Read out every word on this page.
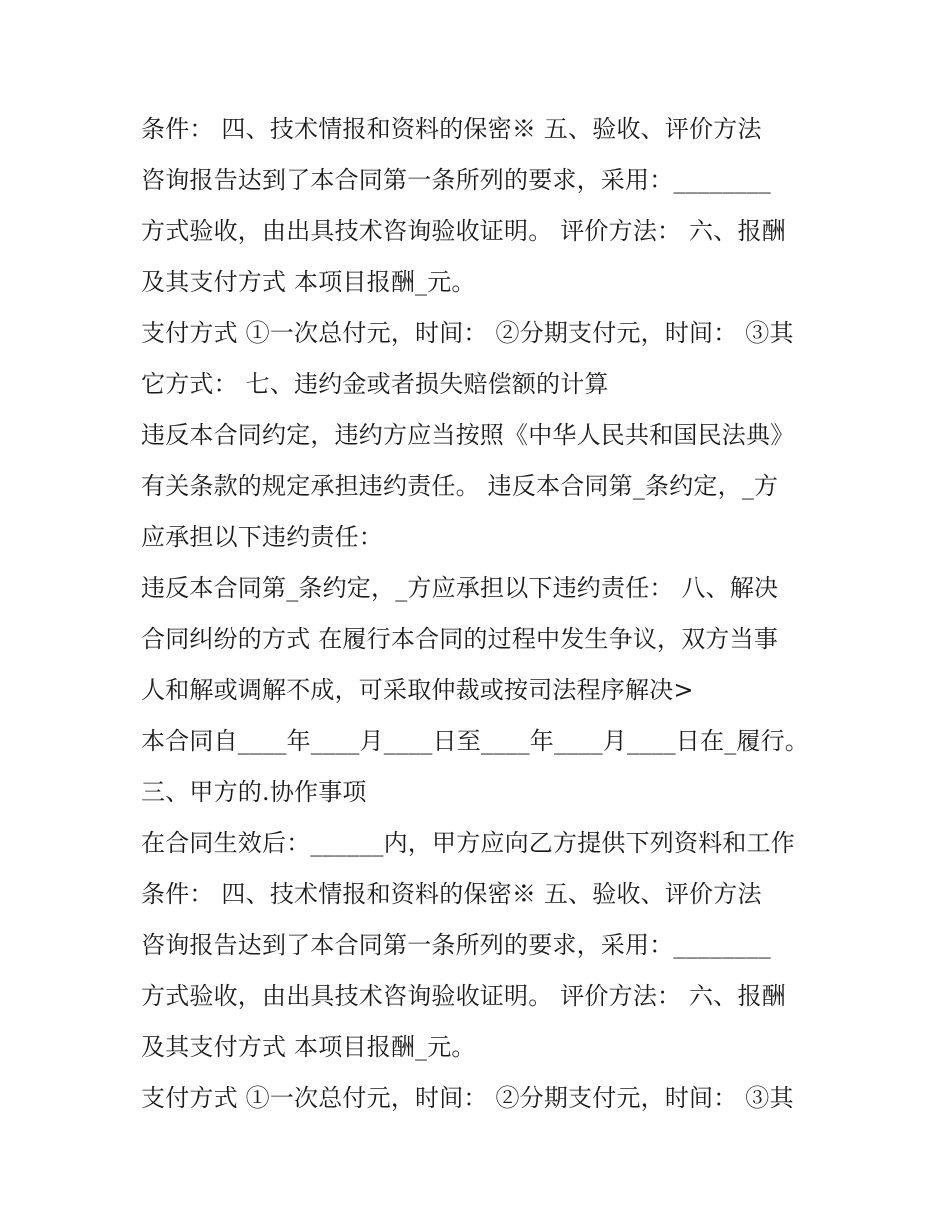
条件： 四、技术情报和资料的保密※ 五、验收、评价方法
咨询报告达到了本合同第一条所列的要求，采用：________
方式验收，由出具技术咨询验收证明。 评价方法： 六、报酬
及其支付方式 本项目报酬_元。
支付方式 ①一次总付元，时间： ②分期支付元，时间： ③其
它方式： 七、违约金或者损失赔偿额的计算
违反本合同约定，违约方应当按照《中华人民共和国民法典》
有关条款的规定承担违约责任。 违反本合同第_条约定，_方
应承担以下违约责任：
违反本合同第_条约定，_方应承担以下违约责任： 八、解决
合同纠纷的方式 在履行本合同的过程中发生争议，双方当事
人和解或调解不成，可采取仲裁或按司法程序解决>
本合同自____年____月____日至____年____月____日在_履行。
三、甲方的.协作事项
在合同生效后：______内，甲方应向乙方提供下列资料和工作
条件： 四、技术情报和资料的保密※ 五、验收、评价方法
咨询报告达到了本合同第一条所列的要求，采用：________
方式验收，由出具技术咨询验收证明。 评价方法： 六、报酬
及其支付方式 本项目报酬_元。
支付方式 ①一次总付元，时间： ②分期支付元，时间： ③其
